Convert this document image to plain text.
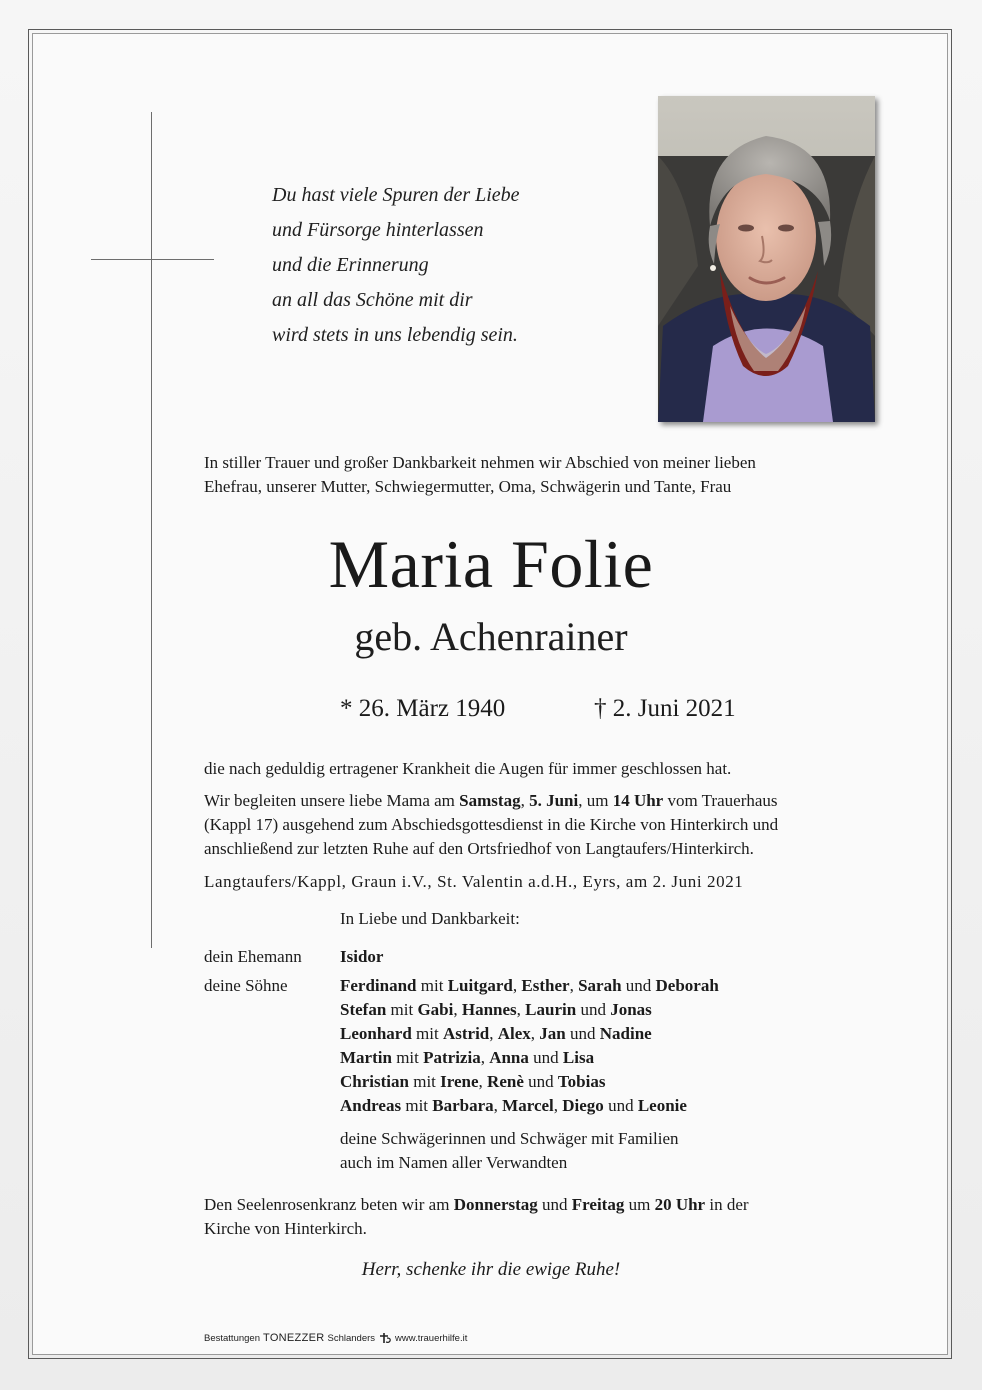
Du hast viele Spuren der Liebe
und Fürsorge hinterlassen
und die Erinnerung
an all das Schöne mit dir
wird stets in uns lebendig sein.
In stiller Trauer und großer Dankbarkeit nehmen wir Abschied von meiner lieben
Ehefrau, unserer Mutter, Schwiegermutter, Oma, Schwägerin und Tante, Frau
Maria Folie
geb. Achenrainer
* 26. März 1940	† 2. Juni 2021
die nach geduldig ertragener Krankheit die Augen für immer geschlossen hat.
Wir begleiten unsere liebe Mama am Samstag, 5. Juni, um 14 Uhr vom Trauerhaus
(Kappl 17) ausgehend zum Abschiedsgottesdienst in die Kirche von Hinterkirch und
anschließend zur letzten Ruhe auf den Ortsfriedhof von Langtaufers/Hinterkirch.
Langtaufers/Kappl, Graun i.V., St. Valentin a.d.H., Eyrs, am 2. Juni 2021
In Liebe und Dankbarkeit:
dein Ehemann Isidor
deine Söhne	Ferdinand mit Luitgard, Esther, Sarah und Deborah
Stefan mit Gabi, Hannes, Laurin und Jonas
Leonhard mit Astrid, Alex, Jan und Nadine
Martin mit Patrizia, Anna und Lisa
Christian mit Irene, Renè und Tobias
Andreas mit Barbara, Marcel, Diego und Leonie
deine Schwägerinnen und Schwäger mit Familien
auch im Namen aller Verwandten
Den Seelenrosenkranz beten wir am Donnerstag und Freitag um 20 Uhr in der
Kirche von Hinterkirch.
Herr, schenke ihr die ewige Ruhe!
Bestattungen TONEZZER Schlanders www.trauerhilfe.it
